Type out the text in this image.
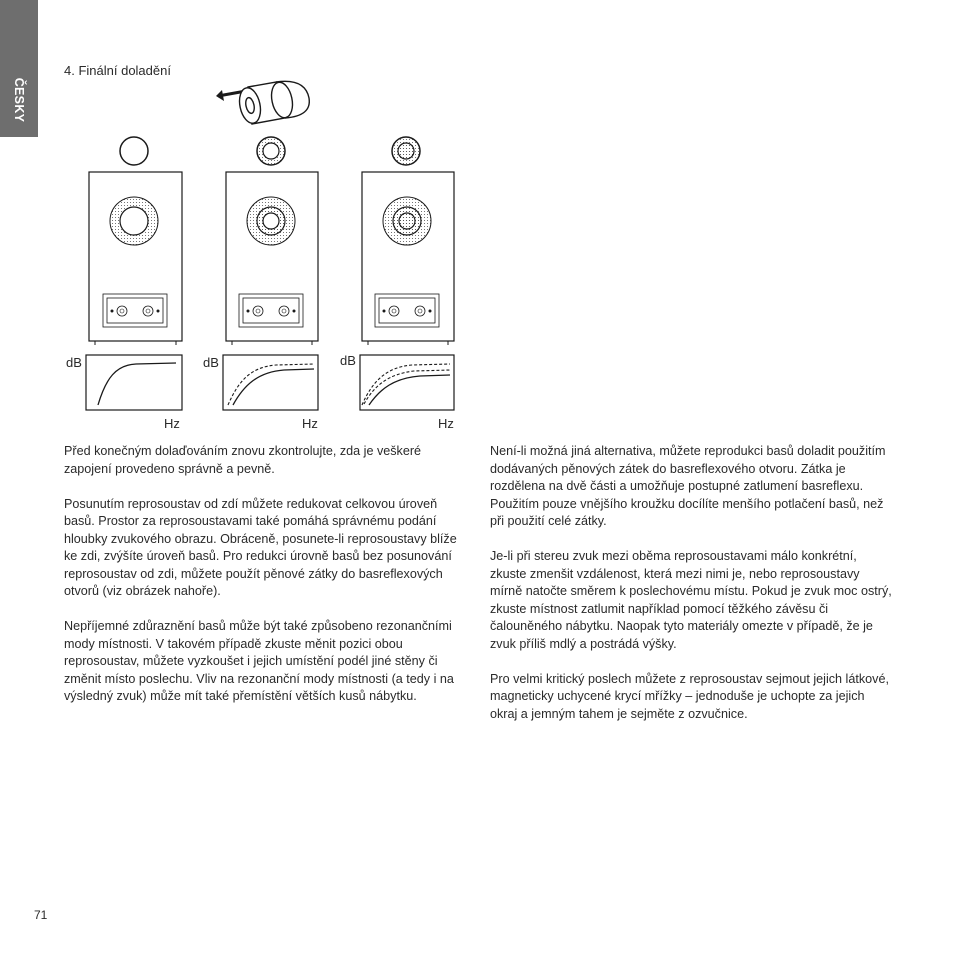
ČESKY
4. Finální doladění
dB
Hz
dB
Hz
dB
Hz

Před konečným dolaďováním znovu zkontrolujte, zda je veškeré zapojení provedeno správně a pevně.

Posunutím reprosoustav od zdí můžete redukovat celkovou úroveň basů. Prostor za reprosoustavami také pomáhá správnému podání hloubky zvukového obrazu. Obráceně, posunete-li reprosoustavy blíže ke zdi, zvýšíte úroveň basů. Pro redukci úrovně basů bez posunování reprosoustav od zdi, můžete použít pěnové zátky do basreflexových otvorů (viz obrázek nahoře).

Nepříjemné zdůraznění basů může být také způsobeno rezonančními mody místnosti. V takovém případě zkuste měnit pozici obou reprosoustav, můžete vyzkoušet i jejich umístění podél jiné stěny či změnit místo poslechu. Vliv na rezonanční mody místnosti (a tedy i na výsledný zvuk) může mít také přemístění větších kusů nábytku.

Není-li možná jiná alternativa, můžete reprodukci basů doladit použitím dodávaných pěnových zátek do basreflexového otvoru. Zátka je rozdělena na dvě části a umožňuje postupné zatlumení basreflexu. Použitím pouze vnějšího kroužku docílíte menšího potlačení basů, než při použití celé zátky.

Je-li při stereu zvuk mezi oběma reprosoustavami málo konkrétní, zkuste zmenšit vzdálenost, která mezi nimi je, nebo reprosoustavy mírně natočte směrem k poslechovému místu. Pokud je zvuk moc ostrý, zkuste místnost zatlumit například pomocí těžkého závěsu či čalouněného nábytku. Naopak tyto materiály omezte v případě, že je zvuk příliš mdlý a postrádá výšky.

Pro velmi kritický poslech můžete z reprosoustav sejmout jejich látkové, magneticky uchycené krycí mřížky – jednoduše je uchopte za jejich okraj a jemným tahem je sejměte z ozvučnice.

71
